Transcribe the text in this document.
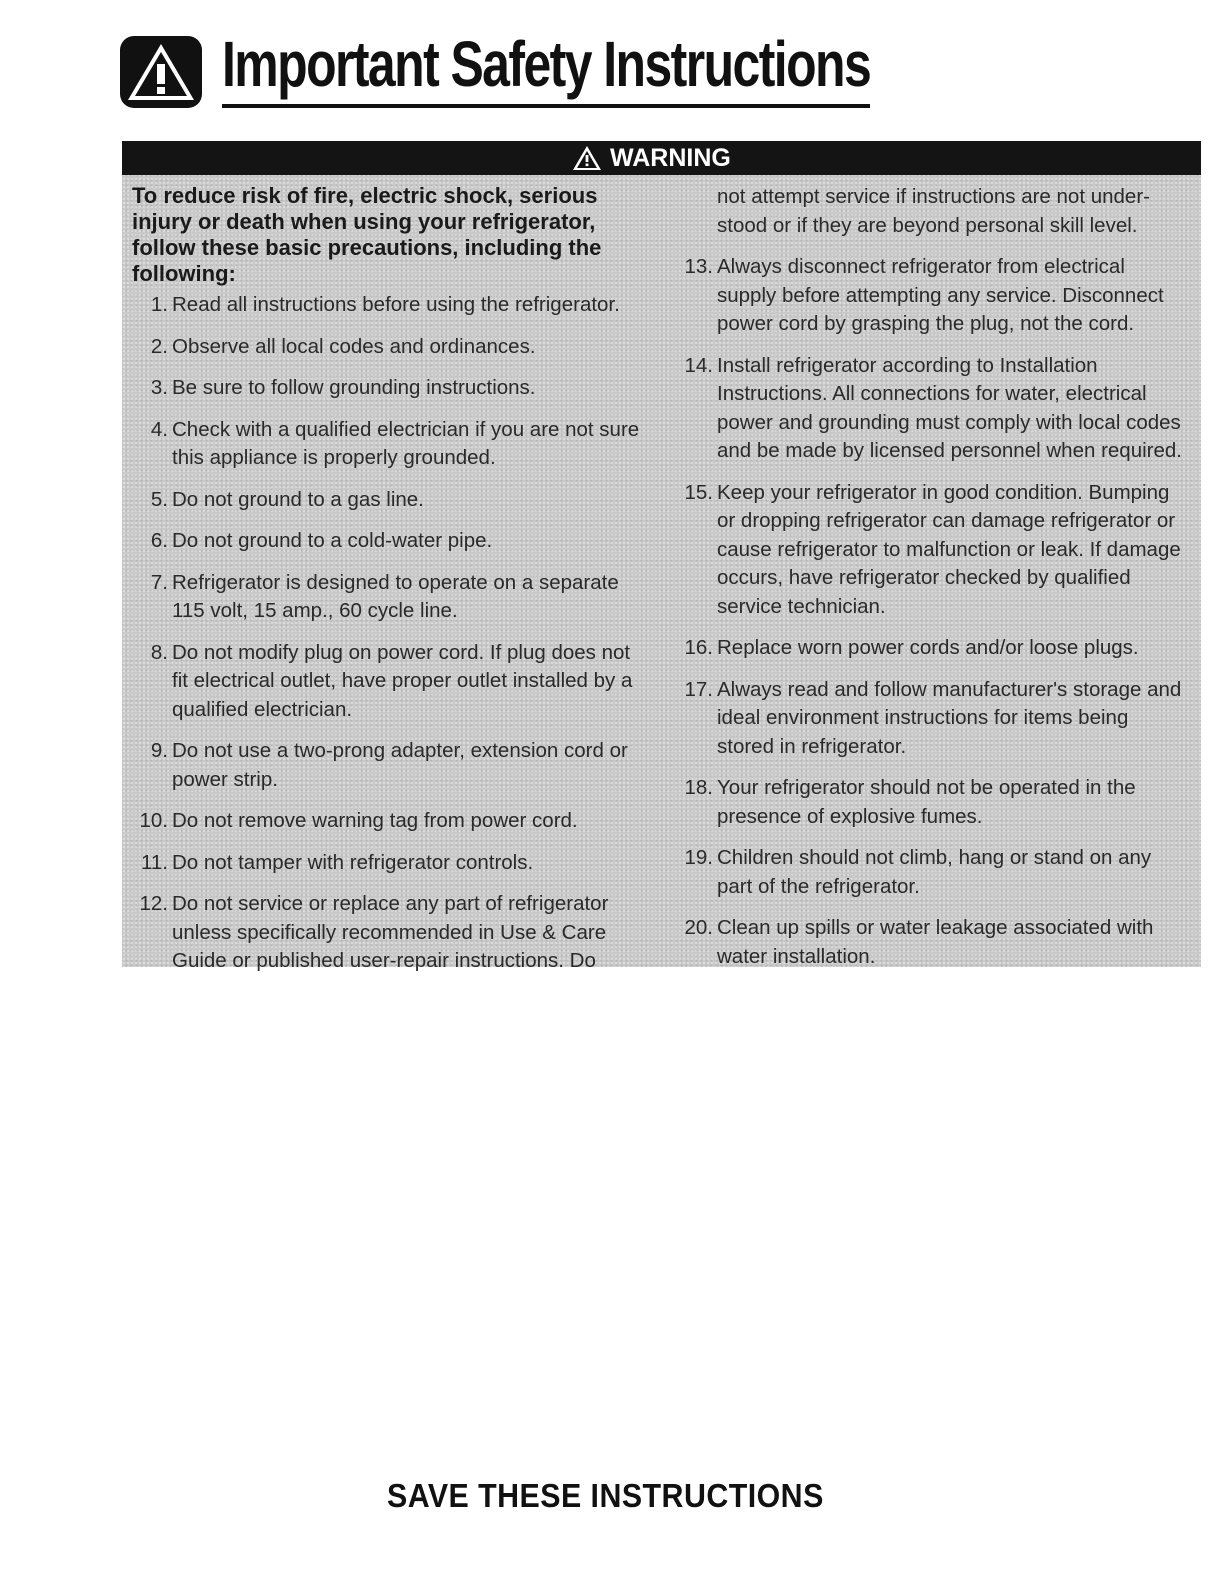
Important Safety Instructions
WARNING

To reduce risk of fire, electric shock, serious injury or death when using your refrigerator, follow these basic precautions, including the following:

1. Read all instructions before using the refrigerator.
2. Observe all local codes and ordinances.
3. Be sure to follow grounding instructions.
4. Check with a qualified electrician if you are not sure this appliance is properly grounded.
5. Do not ground to a gas line.
6. Do not ground to a cold-water pipe.
7. Refrigerator is designed to operate on a separate 115 volt, 15 amp., 60 cycle line.
8. Do not modify plug on power cord. If plug does not fit electrical outlet, have proper outlet installed by a qualified electrician.
9. Do not use a two-prong adapter, extension cord or power strip.
10. Do not remove warning tag from power cord.
11. Do not tamper with refrigerator controls.
12. Do not service or replace any part of refrigerator unless specifically recommended in Use & Care Guide or published user-repair instructions. Do

not attempt service if instructions are not under-stood or if they are beyond personal skill level.

13. Always disconnect refrigerator from electrical supply before attempting any service. Disconnect power cord by grasping the plug, not the cord.
14. Install refrigerator according to Installation Instructions. All connections for water, electrical power and grounding must comply with local codes and be made by licensed personnel when required.
15. Keep your refrigerator in good condition. Bumping or dropping refrigerator can damage refrigerator or cause refrigerator to malfunction or leak. If damage occurs, have refrigerator checked by qualified service technician.
16. Replace worn power cords and/or loose plugs.
17. Always read and follow manufacturer's storage and ideal environment instructions for items being stored in refrigerator.
18. Your refrigerator should not be operated in the presence of explosive fumes.
19. Children should not climb, hang or stand on any part of the refrigerator.
20. Clean up spills or water leakage associated with water installation.
SAVE THESE INSTRUCTIONS
